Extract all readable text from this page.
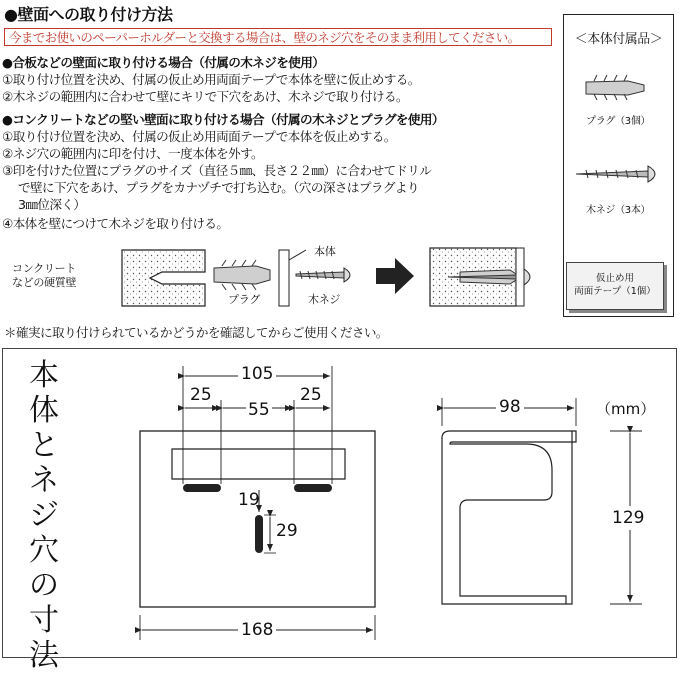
●壁面への取り付け方法
今までお使いのペーパーホルダーと交換する場合は、壁のネジ穴をそのまま利用してください。
●合板などの壁面に取り付ける場合（付属の木ネジを使用）
①取り付け位置を決め、付属の仮止め用両面テープで本体を壁に仮止めする。
②木ネジの範囲内に合わせて壁にキリで下穴をあけ、木ネジで取り付ける。
●コンクリートなどの堅い壁面に取り付ける場合（付属の木ネジとプラグを使用）
①取り付け位置を決め、付属の仮止め用両面テープで本体を仮止めする。
②ネジ穴の範囲内に印を付け、一度本体を外す。
③印を付けた位置にプラグのサイズ（直径５㎜、長さ２２㎜）に合わせてドリル
で壁に下穴をあけ、プラグをカナヅチで打ち込む。（穴の深さはプラグより
3㎜位深く）
④本体を壁につけて木ネジを取り付ける。
コンクリート
などの硬質壁
プラグ
本体
木ネジ
＜本体付属品＞
プラグ（3個）
木ネジ（3本）
仮止め用
両面テープ（1個）
＊確実に取り付けられているかどうかを確認してからご使用ください。
本
体
と
ネ
ジ
穴
の
寸
法
105
25
55
25
19
29
168
98
129
（mm）
